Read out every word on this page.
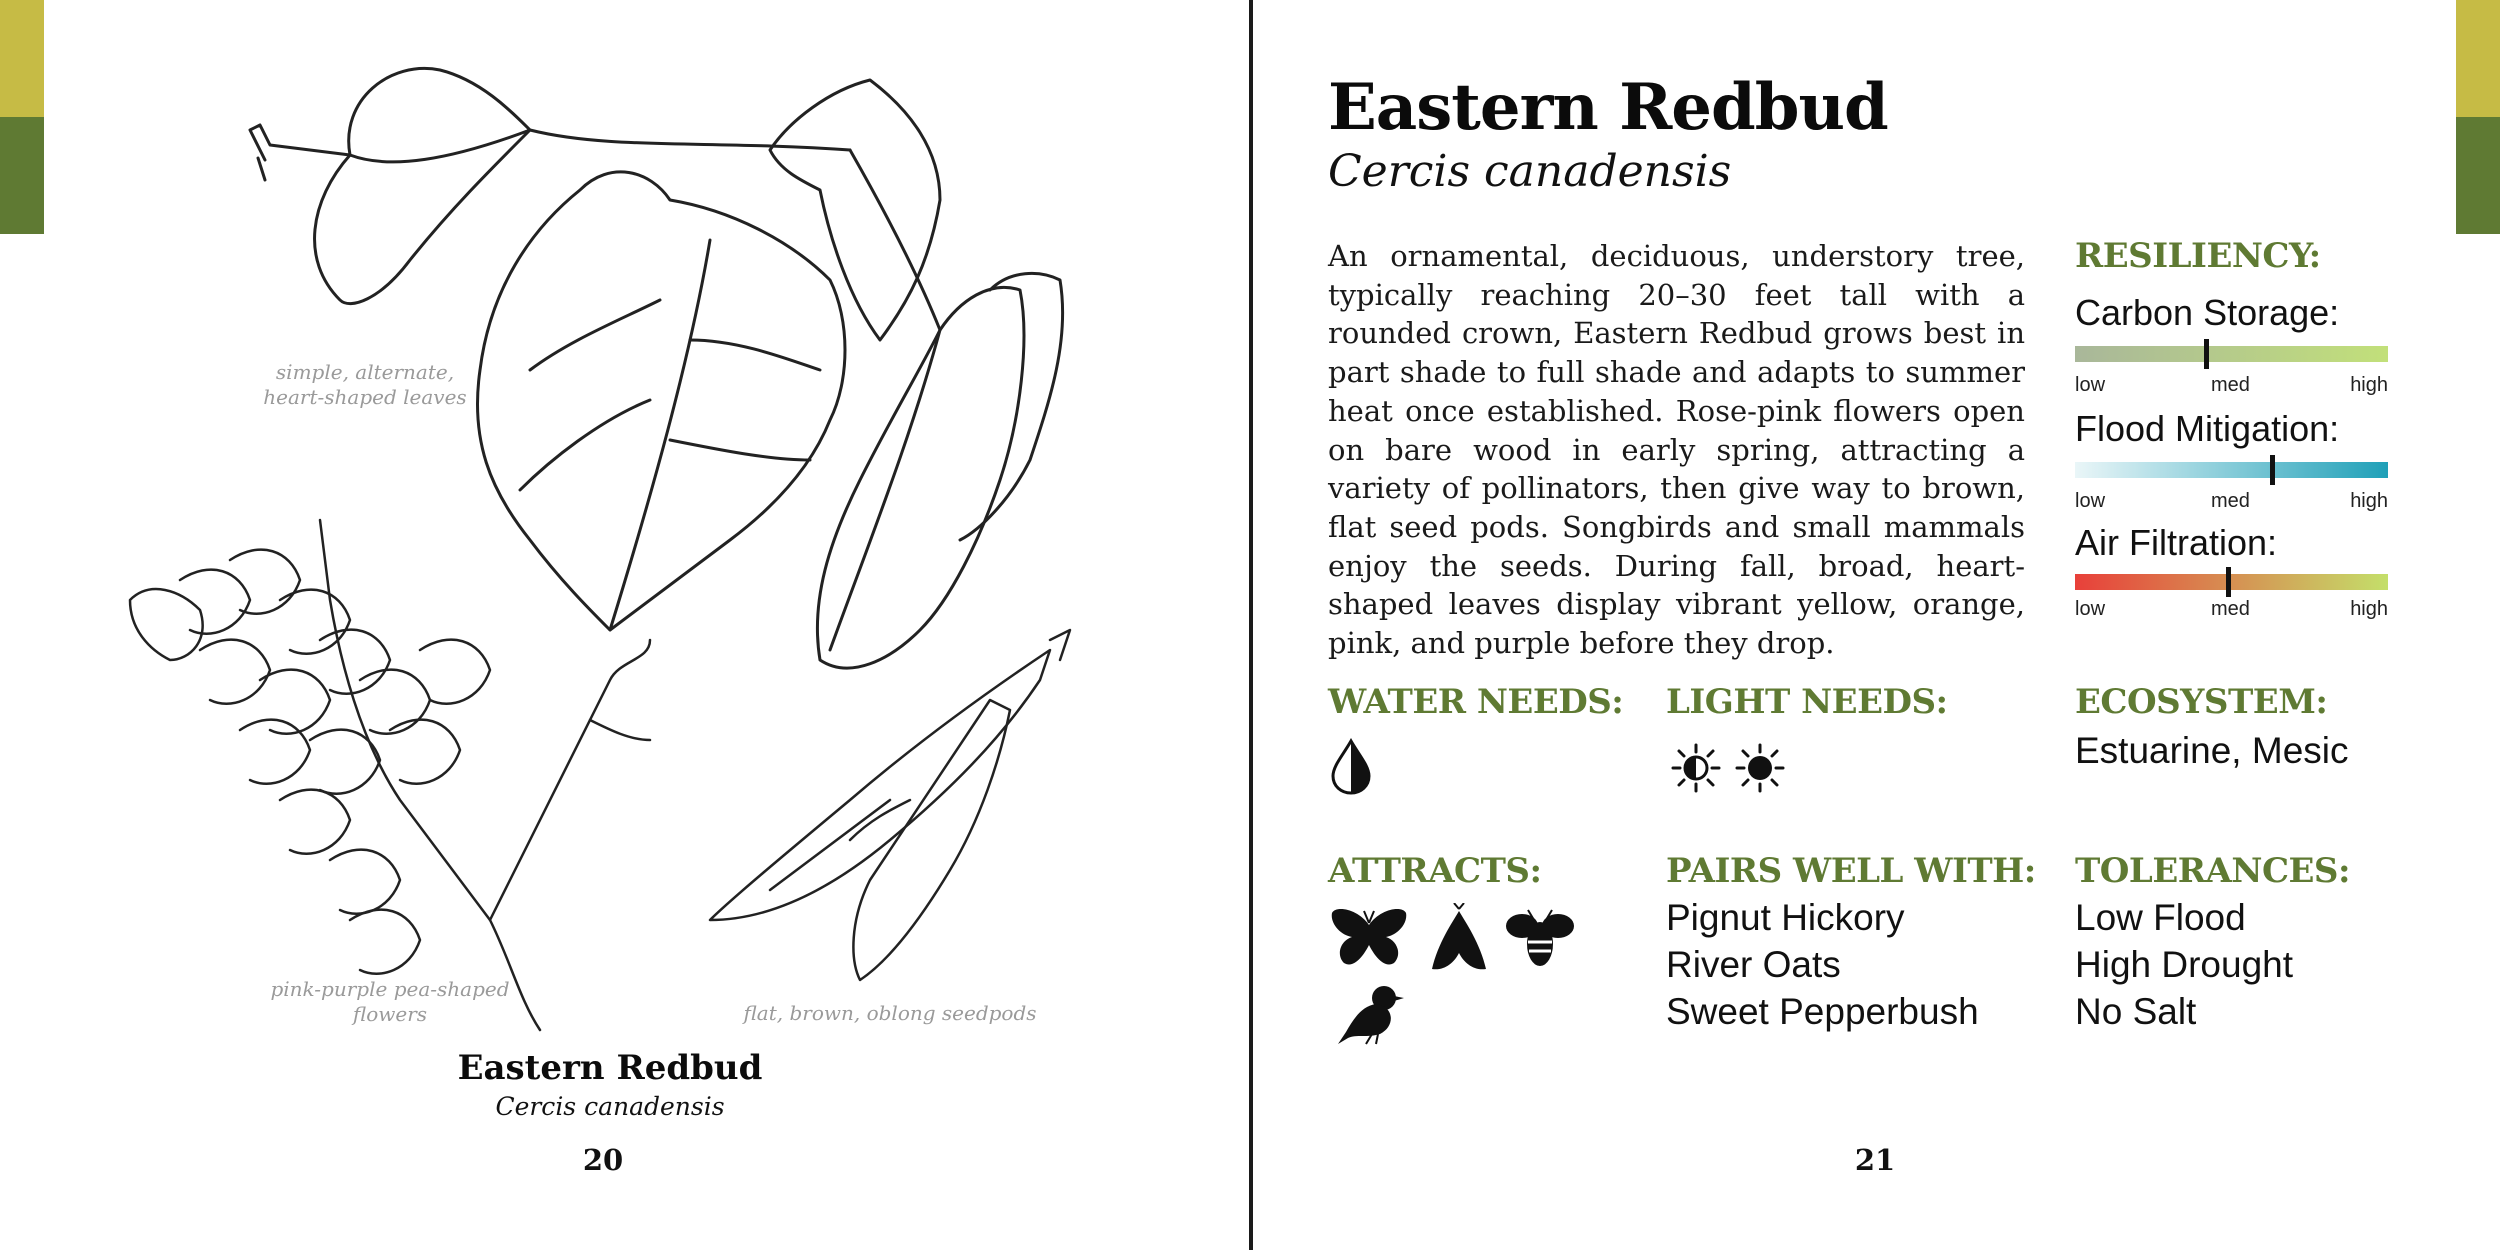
simple, alternate,
heart-shaped leaves
pink-purple pea-shaped
flowers	flat, brown, oblong seedpods
Eastern Redbud
Cercis canadensis
20
Eastern Redbud
Cercis canadensis
An ornamental, deciduous, understory tree, typically reaching 20–30 feet tall with a rounded crown, Eastern Redbud grows best in part shade to full shade and adapts to summer heat once established. Rose-pink flowers open on bare wood in early spring, attracting a variety of pollinators, then give way to brown, flat seed pods. Songbirds and small mammals enjoy the seeds. During fall, broad, heart-shaped leaves display vibrant yellow, orange, pink, and purple before they drop.
RESILIENCY:
Carbon Storage:
low	med	high
Flood Mitigation:
low	med	high
Air Filtration:
low	med	high
WATER NEEDS: LIGHT NEEDS:	ECOSYSTEM:
Estuarine, Mesic
ATTRACTS:	PAIRS WELL WITH:
Pignut Hickory
River Oats
Sweet Pepperbush
TOLERANCES:
Low Flood
High Drought
No Salt
21
